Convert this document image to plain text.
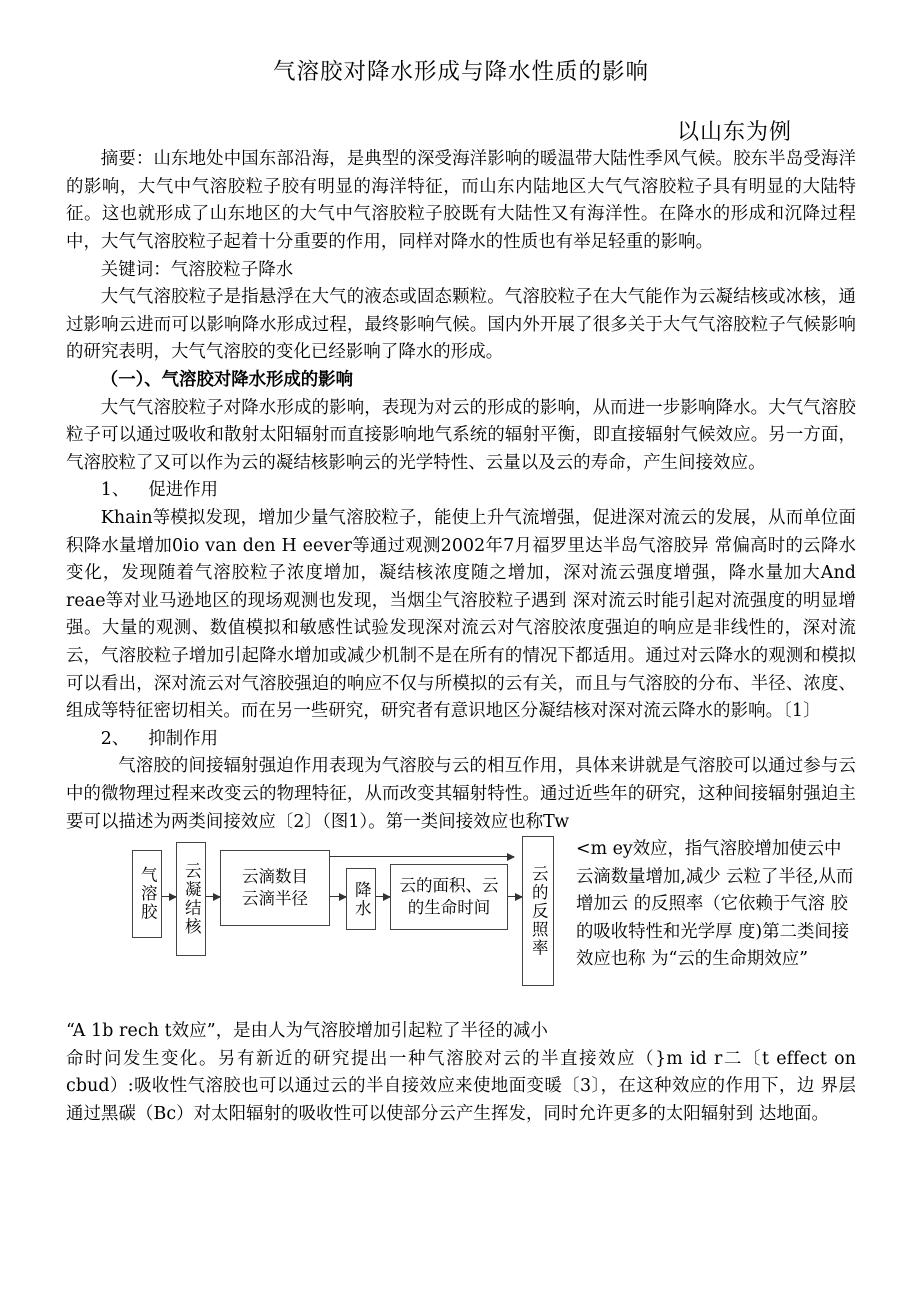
气溶胶对降水形成与降水性质的影响
以山东为例

摘要：山东地处中国东部沿海，是典型的深受海洋影响的暖温带大陆性季风气候。胶东半岛受海洋的影响，大气中气溶胶粒子胶有明显的海洋特征，而山东内陆地区大气气溶胶粒子具有明显的大陆特征。这也就形成了山东地区的大气中气溶胶粒子胶既有大陆性又有海洋性。在降水的形成和沉降过程中，大气气溶胶粒子起着十分重要的作用，同样对降水的性质也有举足轻重的影响。

关键词：气溶胶粒子降水

大气气溶胶粒子是指悬浮在大气的液态或固态颗粒。气溶胶粒子在大气能作为云凝结核或冰核，通过影响云进而可以影响降水形成过程，最终影响气候。国内外开展了很多关于大气气溶胶粒子气候影响的研究表明，大气气溶胶的变化已经影响了降水的形成。

（一）、气溶胶对降水形成的影响

大气气溶胶粒子对降水形成的影响，表现为对云的形成的影响，从而进一步影响降水。大气气溶胶粒子可以通过吸收和散射太阳辐射而直接影响地气系统的辐射平衡，即直接辐射气候效应。另一方面，气溶胶粒了又可以作为云的凝结核影响云的光学特性、云量以及云的寿命，产生间接效应。

1、 促进作用

Khain等模拟发现，增加少量气溶胶粒子，能使上升气流增强，促进深对流云的发展，从而单位面积降水量增加0io van den H eever等通过观测2002年7月福罗里达半岛气溶胶异 常偏高时的云降水变化，发现随着气溶胶粒子浓度增加，凝结核浓度随之增加，深对流云强度增强，降水量加大And reae等对业马逊地区的现场观测也发现，当烟尘气溶胶粒子遇到 深对流云时能引起对流强度的明显增强。大量的观测、数值模拟和敏感性试验发现深对流云对气溶胶浓度强迫的响应是非线性的，深对流云，气溶胶粒子增加引起降水增加或减少机制不是在所有的情况下都适用。通过对云降水的观测和模拟可以看出，深对流云对气溶胶强迫的响应不仅与所模拟的云有关，而且与气溶胶的分布、半径、浓度、组成等特征密切相关。而在另一些研究，研究者有意识地区分凝结核对深对流云降水的影响。〔1〕

2、 抑制作用

气溶胶的间接辐射强迫作用表现为气溶胶与云的相互作用，具体来讲就是气溶胶可以通过参与云中的微物理过程来改变云的物理特征，从而改变其辐射特性。通过近些年的研究，这种间接辐射强迫主要可以描述为两类间接效应〔2〕（图1）。第一类间接效应也称Tw

气溶胶 云凝结核 云滴数目
云滴半径	降水 云的面积、云
的生命时间 云的反照率
<m ey效应，指气溶胶增加使云中云滴数量增加,减少 云粒了半径,从而增加云 的反照率（它依赖于气溶 胶的吸收特性和光学厚 度)第二类间接效应也称 为“云的生命期效应”

“A 1b rech t效应”，是由人为气溶胶增加引起粒了半径的减小

命时问发生变化。另有新近的研究提出一种气溶胶对云的半直接效应（}m id r二〔t effect on cbud）:吸收性气溶胶也可以通过云的半自接效应来使地面变暖〔3〕，在这种效应的作用下，边 界层通过黑碳（Bc）对太阳辐射的吸收性可以使部分云产生挥发，同时允许更多的太阳辐射到 达地面。
